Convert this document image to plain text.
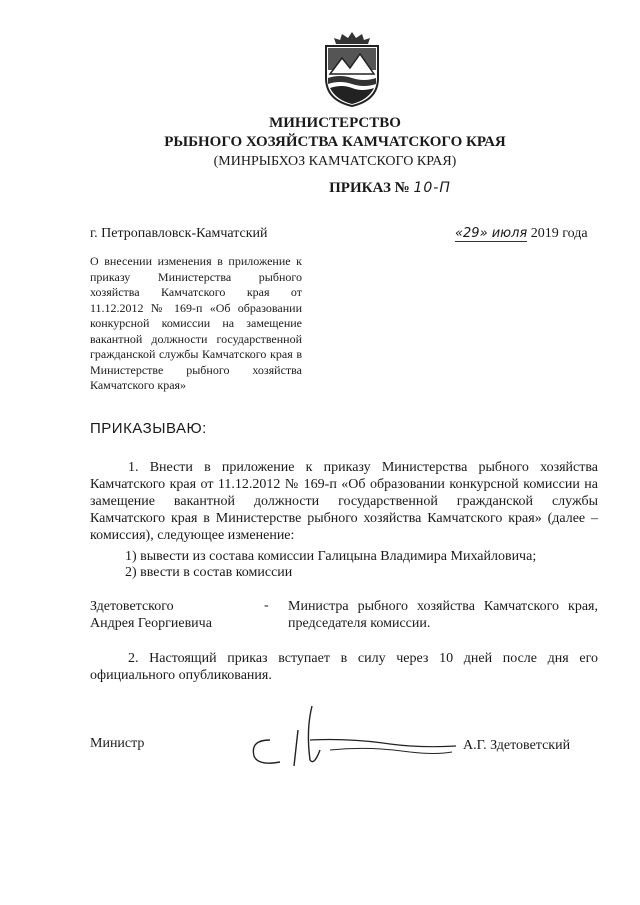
МИНИСТЕРСТВО
РЫБНОГО ХОЗЯЙСТВА КАМЧАТСКОГО КРАЯ
(МИНРЫБХОЗ КАМЧАТСКОГО КРАЯ)
ПРИКАЗ № 10-П
г. Петропавловск-Камчатский	«29» июля 2019 года
О внесении изменения в приложение к приказу Министерства рыбного хозяйства Камчатского края от 11.12.2012 № 169-п «Об образовании конкурсной комиссии на замещение вакантной должности государственной гражданской службы Камчатского края в Министерстве рыбного хозяйства Камчатского края»
ПРИКАЗЫВАЮ:
1. Внести в приложение к приказу Министерства рыбного хозяйства Камчатского края от 11.12.2012 № 169-п «Об образовании конкурсной комиссии на замещение вакантной должности государственной гражданской службы Камчатского края в Министерстве рыбного хозяйства Камчатского края» (далее – комиссия), следующее изменение:
1) вывести из состава комиссии Галицына Владимира Михайловича;
2) ввести в состав комиссии
Здетоветского
Андрея Георгиевича
- Министра рыбного хозяйства Камчатского края, председателя комиссии.
2. Настоящий приказ вступает в силу через 10 дней после дня его официального опубликования.
Министр	А.Г. Здетоветский
